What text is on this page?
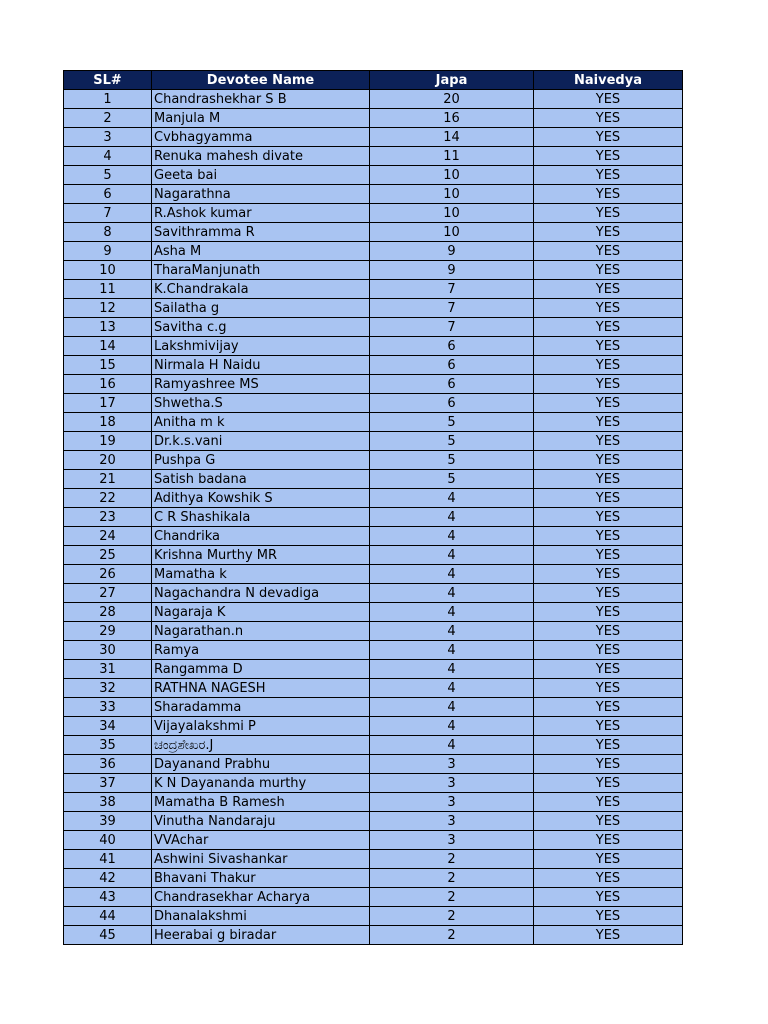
SL#	Devotee Name	Japa	Naivedya
1	Chandrashekhar S B	20	YES
2	Manjula M	16	YES
3	Cvbhagyamma	14	YES
4	Renuka mahesh divate	11	YES
5	Geeta bai	10	YES
6	Nagarathna	10	YES
7	R.Ashok kumar	10	YES
8	Savithramma R	10	YES
9	Asha M	9	YES
10	TharaManjunath	9	YES
11	K.Chandrakala	7	YES
12	Sailatha g	7	YES
13	Savitha c.g	7	YES
14	Lakshmivijay	6	YES
15	Nirmala H Naidu	6	YES
16	Ramyashree MS	6	YES
17	Shwetha.S	6	YES
18	Anitha m k	5	YES
19	Dr.k.s.vani	5	YES
20	Pushpa G	5	YES
21	Satish badana	5	YES
22	Adithya Kowshik S	4	YES
23	C R Shashikala	4	YES
24	Chandrika	4	YES
25	Krishna Murthy MR	4	YES
26	Mamatha k	4	YES
27	Nagachandra N devadiga	4	YES
28	Nagaraja K	4	YES
29	Nagarathan.n	4	YES
30	Ramya	4	YES
31	Rangamma D	4	YES
32	RATHNA NAGESH	4	YES
33	Sharadamma	4	YES
34	Vijayalakshmi P	4	YES
35	ಚಂದ್ರಶೇಖರ.J	4	YES
36	Dayanand Prabhu	3	YES
37	K N Dayananda murthy	3	YES
38	Mamatha B Ramesh	3	YES
39	Vinutha Nandaraju	3	YES
40	VVAchar	3	YES
41	Ashwini Sivashankar	2	YES
42	Bhavani Thakur	2	YES
43	Chandrasekhar Acharya	2	YES
44	Dhanalakshmi	2	YES
45	Heerabai g biradar	2	YES
